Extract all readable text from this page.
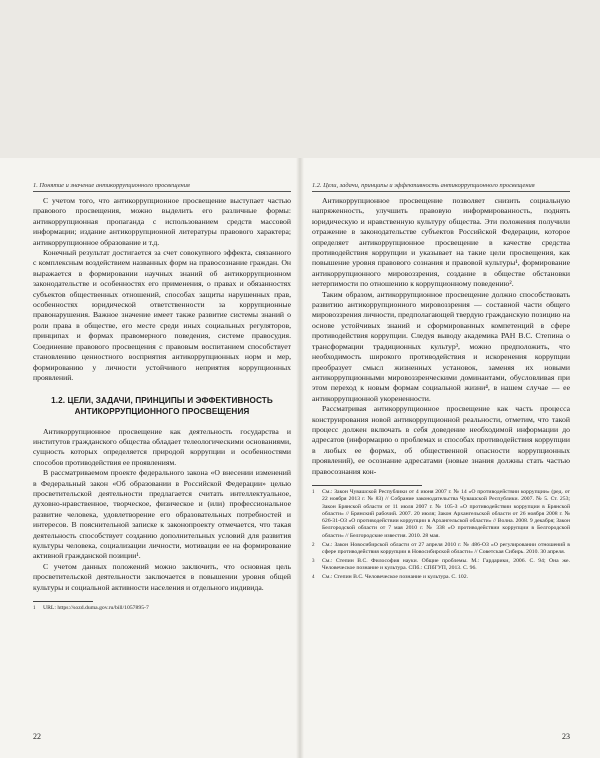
1. Понятие и значение антикоррупционного просвещения

С учетом того, что антикоррупционное просвещение выступает частью правового просвещения, можно выделить его различные формы: антикоррупционная пропаганда с использованием средств массовой информации; издание антикоррупционной литературы правового характера; антикоррупционное образование и т.д.

Конечный результат достигается за счет совокупного эффекта, связанного с комплексным воздействием названных форм на правосознание граждан. Он выражается в формировании научных знаний об антикоррупционном законодательстве и особенностях его применения, о правах и обязанностях субъектов общественных отношений, способах защиты нарушенных прав, особенностях юридической ответственности за коррупционные правонарушения. Важное значение имеет также развитие системы знаний о роли права в обществе, его месте среди иных социальных регуляторов, принципах и формах правомерного поведения, системе правосудия. Соединение правового просвещения с правовым воспитанием способствует становлению ценностного восприятия антикоррупционных норм и мер, формированию у личности устойчивого неприятия коррупционных проявлений.

1.2. ЦЕЛИ, ЗАДАЧИ, ПРИНЦИПЫ И ЭФФЕКТИВНОСТЬ АНТИКОРРУПЦИОННОГО ПРОСВЕЩЕНИЯ

Антикоррупционное просвещение как деятельность государства и институтов гражданского общества обладает телеологическими основаниями, сущность которых определяется природой коррупции и особенностями способов противодействия ее проявлениям.

В рассматриваемом проекте федерального закона «О внесении изменений в Федеральный закон «Об образовании в Российской Федерации» целью просветительской деятельности предлагается считать интеллектуальное, духовно-нравственное, творческое, физическое и (или) профессиональное развитие человека, удовлетворение его образовательных потребностей и интересов. В пояснительной записке к законопроекту отмечается, что такая деятельность способствует созданию дополнительных условий для развития культуры человека, социализации личности, мотивации ее на формирование активной гражданской позиции¹.

С учетом данных положений можно заключить, что основная цель просветительской деятельности заключается в повышении уровня общей культуры и социальной активности населения и отдельного индивида.

1	URL: https://sozd.duma.gov.ru/bill/1057895-7
22
1.2. Цели, задачи, принципы и эффективность антикоррупционного просвещения

Антикоррупционное просвещение позволяет снизить социальную напряженность, улучшить правовую информированность, поднять юридическую и нравственную культуру общества. Эти положения получили отражение в законодательстве субъектов Российской Федерации, которое определяет антикоррупционное просвещение в качестве средства противодействия коррупции и указывает на такие цели просвещения, как повышение уровня правового сознания и правовой культуры¹, формирование антикоррупционного мировоззрения, создание в обществе обстановки нетерпимости по отношению к коррупционному поведению².

Таким образом, антикоррупционное просвещение должно способствовать развитию антикоррупционного мировоззрения — составной части общего мировоззрения личности, предполагающей твердую гражданскую позицию на основе устойчивых знаний и сформированных компетенций в сфере противодействия коррупции. Следуя выводу академика РАН В.С. Степина о трансформации традиционных культур³, можно предположить, что необходимость широкого противодействия и искоренения коррупции преобразует смысл жизненных установок, заменяя их новыми антикоррупционными мировоззренческими доминантами, обусловливая при этом переход к новым формам социальной жизни⁴, в нашем случае — ее антикоррупционной укорененности.

Рассматривая антикоррупционное просвещение как часть процесса конструирования новой антикоррупционной реальности, отметим, что такой процесс должен включать в себя доведение необходимой информации до адресатов (информацию о проблемах и способах противодействия коррупции в любых ее формах, об общественной опасности коррупционных проявлений), ее осознание адресатами (новые знания должны стать частью правосознания кон-

1	См.: Закон Чувашской Республики от 4 июня 2007 г. № 14 «О противодействии коррупции» (ред. от 22 ноября 2013 г. № 83) // Собрание законодательства Чувашской Республики. 2007. № 5. Ст. 253; Закон Брянской области от 11 июля 2007 г. № 105-З «О противодействии коррупции в Брянской области» // Брянский рабочий. 2007. 20 июля; Закон Архангельской области от 26 ноября 2008 г. № 626-31-ОЗ «О противодействии коррупции в Архангельской области» // Волна. 2008. 9 декабря; Закон Белгородской области от 7 мая 2010 г. № 338 «О противодействии коррупции в Белгородской области» // Белгородские известия. 2010. 28 мая.
2	См.: Закон Новосибирской области от 27 апреля 2010 г. № 486-ОЗ «О регулировании отношений в сфере противодействия коррупции в Новосибирской области» // Советская Сибирь. 2010. 30 апреля.
3	См.: Степин В.С. Философия науки. Общие проблемы. М.: Гардарики, 2006. С. 94; Она же. Человеческое познание и культура. СПб.: СПбГУП, 2013. С. 96.
4	См.: Степин В.С. Человеческое познание и культура. С. 102.
23
